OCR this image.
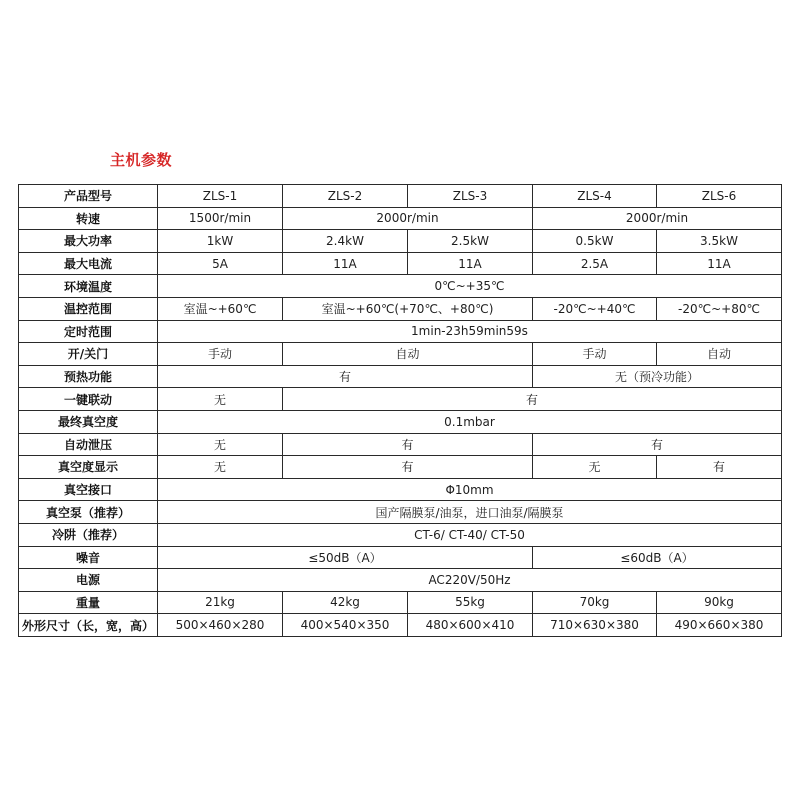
主机参数
产品型号	ZLS-1	ZLS-2	ZLS-3	ZLS-4	ZLS-6
转速	1500r/min	2000r/min		2000r/min	
最大功率	1kW	2.4kW	2.5kW	0.5kW	3.5kW
最大电流	5A	11A	11A	2.5A	11A
环境温度	0℃~+35℃				
温控范围	室温~+60℃	室温~+60℃(+70℃、+80℃)		-20℃~+40℃	-20℃~+80℃
定时范围	1min-23h59min59s				
开/关门	手动	自动		手动	自动
预热功能	有			无（预冷功能）	
一键联动	无	有			
最终真空度	0.1mbar				
自动泄压	无	有		有	
真空度显示	无	有		无	有
真空接口	Φ10mm				
真空泵（推荐）	国产隔膜泵/油泵，进口油泵/隔膜泵				
冷阱（推荐）	CT-6/ CT-40/ CT-50				
噪音	≤50dB（A）			≤60dB（A）	
电源	AC220V/50Hz				
重量	21kg	42kg	55kg	70kg	90kg
外形尺寸（长，宽，高）	500×460×280	400×540×350	480×600×410	710×630×380	490×660×380
